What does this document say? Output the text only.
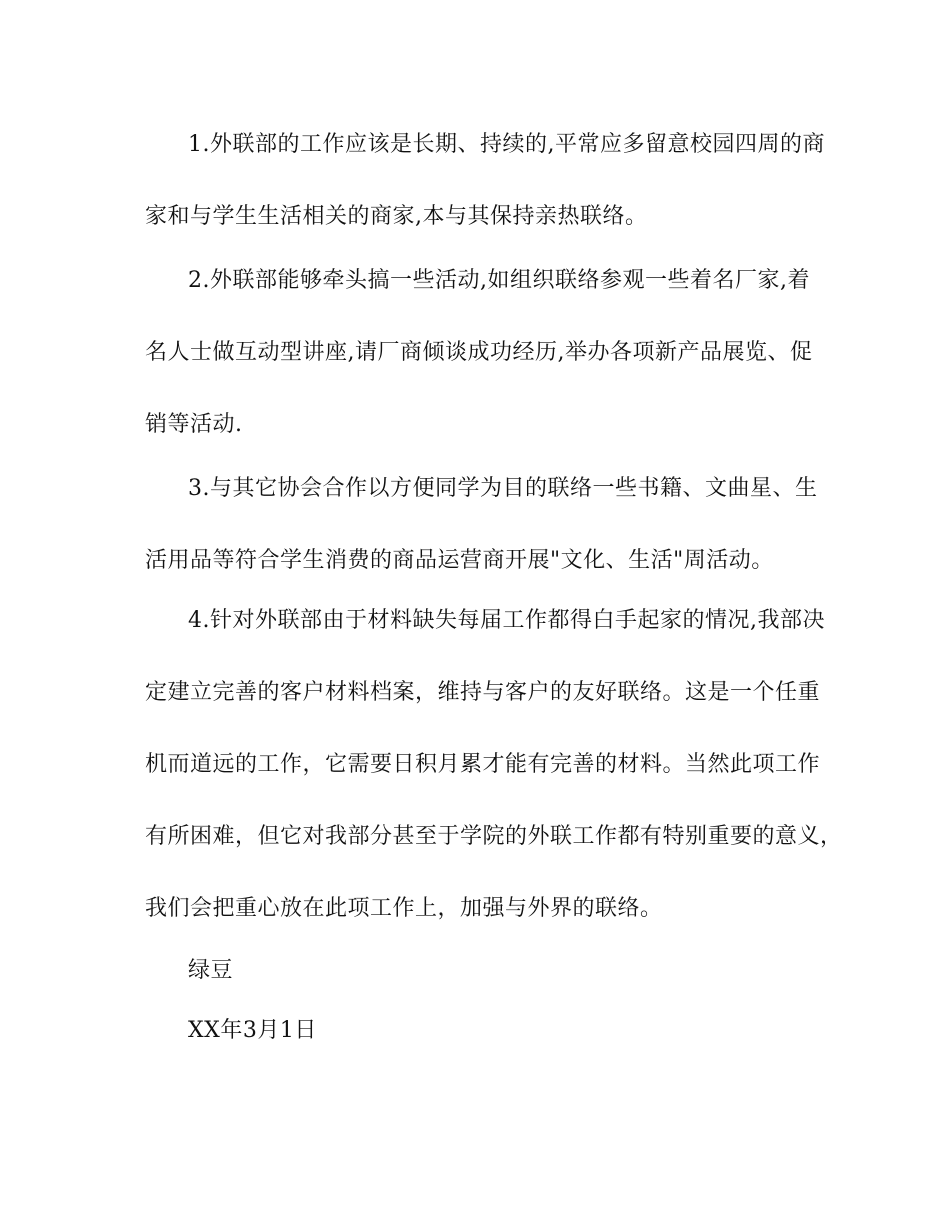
1.外联部的工作应该是长期、持续的,平常应多留意校园四周的商
家和与学生生活相关的商家,本与其保持亲热联络。
2.外联部能够牵头搞一些活动,如组织联络参观一些着名厂家,着
名人士做互动型讲座,请厂商倾谈成功经历,举办各项新产品展览、促
销等活动.
3.与其它协会合作以方便同学为目的联络一些书籍、文曲星、生
活用品等符合学生消费的商品运营商开展"文化、生活"周活动。
4.针对外联部由于材料缺失每届工作都得白手起家的情况,我部决
定建立完善的客户材料档案，维持与客户的友好联络。这是一个任重
机而道远的工作，它需要日积月累才能有完善的材料。当然此项工作
有所困难，但它对我部分甚至于学院的外联工作都有特别重要的意义，
我们会把重心放在此项工作上，加强与外界的联络。
绿豆
XX年3月1日
